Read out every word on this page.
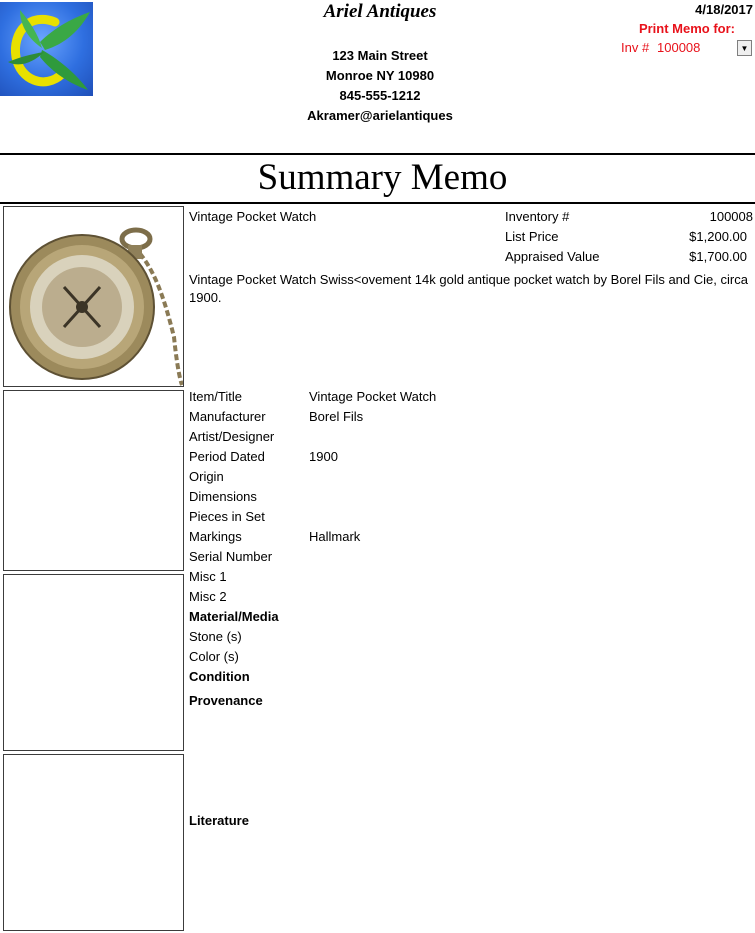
Ariel Antiques
123 Main Street
Monroe NY 10980
845-555-1212
Akramer@arielantiques
4/18/2017
Print Memo for:
Inv # 100008	▼
Summary Memo
Vintage Pocket Watch	Inventory #	100008
List Price	$1,200.00
Appraised Value	$1,700.00
Vintage Pocket Watch Swiss<ovement 14k gold antique pocket watch by Borel Fils and Cie, circa 1900.
Item/Title	Vintage Pocket Watch
Manufacturer	Borel Fils
Artist/Designer
Period Dated	1900
Origin
Dimensions
Pieces in Set
Markings	Hallmark
Serial Number
Misc 1
Misc 2
Material/Media
Stone (s)
Color (s)
Condition
Provenance
Literature
